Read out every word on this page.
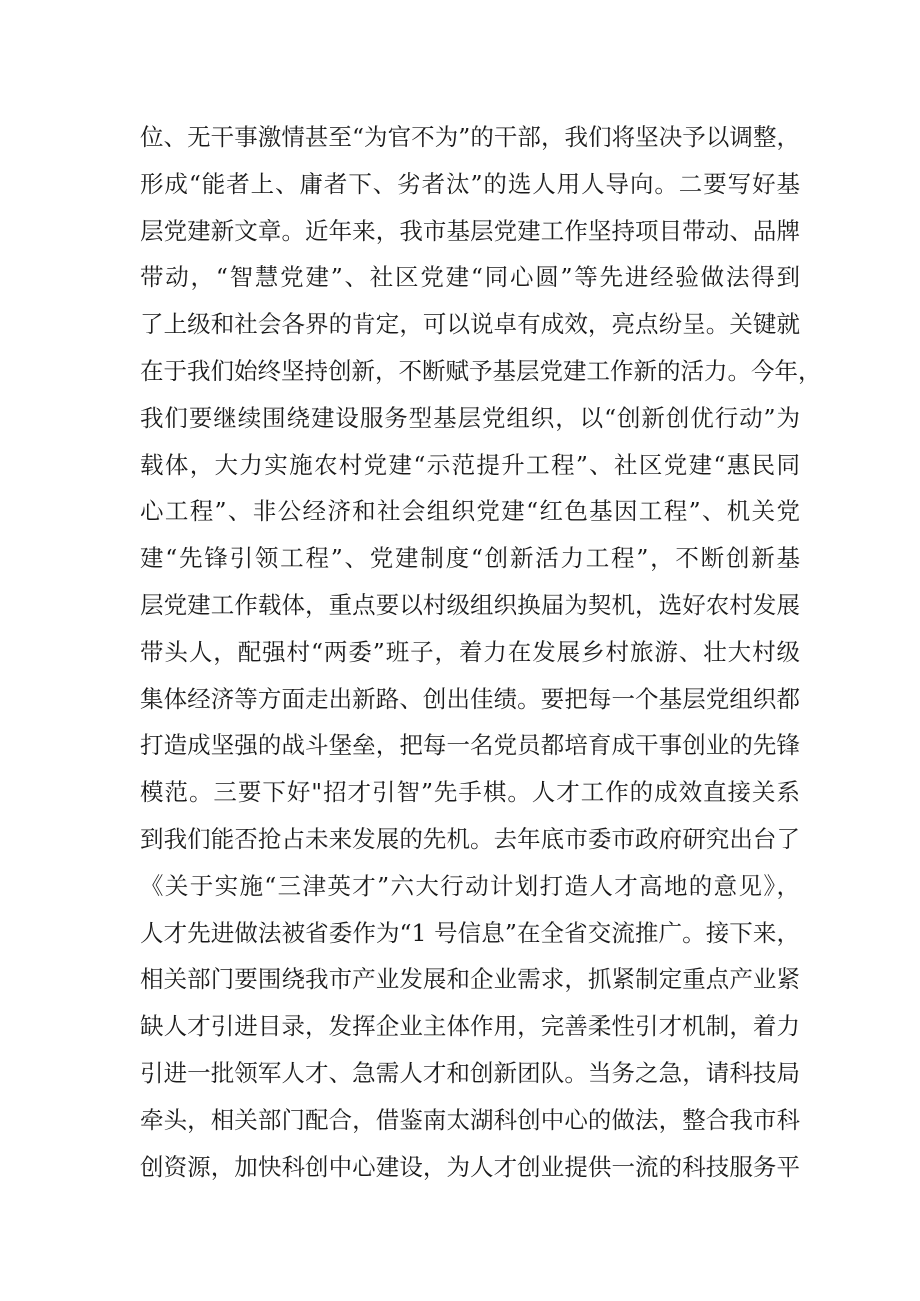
位、无干事激情甚至“为官不为”的干部，我们将坚决予以调整，
形成“能者上、庸者下、劣者汰”的选人用人导向。二要写好基
层党建新文章。近年来，我市基层党建工作坚持项目带动、品牌
带动，“智慧党建”、社区党建“同心圆”等先进经验做法得到
了上级和社会各界的肯定，可以说卓有成效，亮点纷呈。关键就
在于我们始终坚持创新，不断赋予基层党建工作新的活力。今年，
我们要继续围绕建设服务型基层党组织，以“创新创优行动”为
载体，大力实施农村党建“示范提升工程”、社区党建“惠民同
心工程”、非公经济和社会组织党建“红色基因工程”、机关党
建“先锋引领工程”、党建制度“创新活力工程”，不断创新基
层党建工作载体，重点要以村级组织换届为契机，选好农村发展
带头人，配强村“两委”班子，着力在发展乡村旅游、壮大村级
集体经济等方面走出新路、创出佳绩。要把每一个基层党组织都
打造成坚强的战斗堡垒，把每一名党员都培育成干事创业的先锋
模范。三要下好"招才引智”先手棋。人才工作的成效直接关系
到我们能否抢占未来发展的先机。去年底市委市政府研究出台了
《关于实施“三津英才”六大行动计划打造人才高地的意见》，
人才先进做法被省委作为“1 号信息”在全省交流推广。接下来，
相关部门要围绕我市产业发展和企业需求，抓紧制定重点产业紧
缺人才引进目录，发挥企业主体作用，完善柔性引才机制，着力
引进一批领军人才、急需人才和创新团队。当务之急，请科技局
牵头，相关部门配合，借鉴南太湖科创中心的做法，整合我市科
创资源，加快科创中心建设，为人才创业提供一流的科技服务平
